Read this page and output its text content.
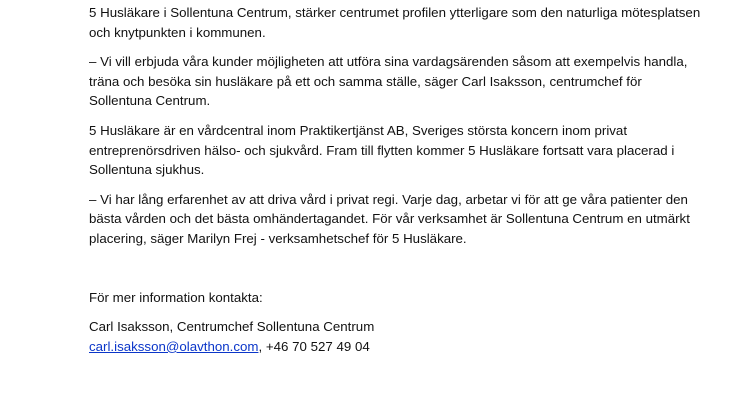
5 Husläkare i Sollentuna Centrum, stärker centrumet profilen ytterligare som den naturliga mötesplatsen och knytpunkten i kommunen.

– Vi vill erbjuda våra kunder möjligheten att utföra sina vardagsärenden såsom att exempelvis handla, träna och besöka sin husläkare på ett och samma ställe, säger Carl Isaksson, centrumchef för Sollentuna Centrum.

5 Husläkare är en vårdcentral inom Praktikertjänst AB, Sveriges största koncern inom privat entreprenörsdriven hälso- och sjukvård. Fram till flytten kommer 5 Husläkare fortsatt vara placerad i Sollentuna sjukhus.

– Vi har lång erfarenhet av att driva vård i privat regi. Varje dag, arbetar vi för att ge våra patienter den bästa vården och det bästa omhändertagandet. För vår verksamhet är Sollentuna Centrum en utmärkt placering, säger Marilyn Frej - verksamhetschef för 5 Husläkare.

För mer information kontakta:

Carl Isaksson, Centrumchef Sollentuna Centrum

carl.isaksson@olavthon.com, +46 70 527 49 04
